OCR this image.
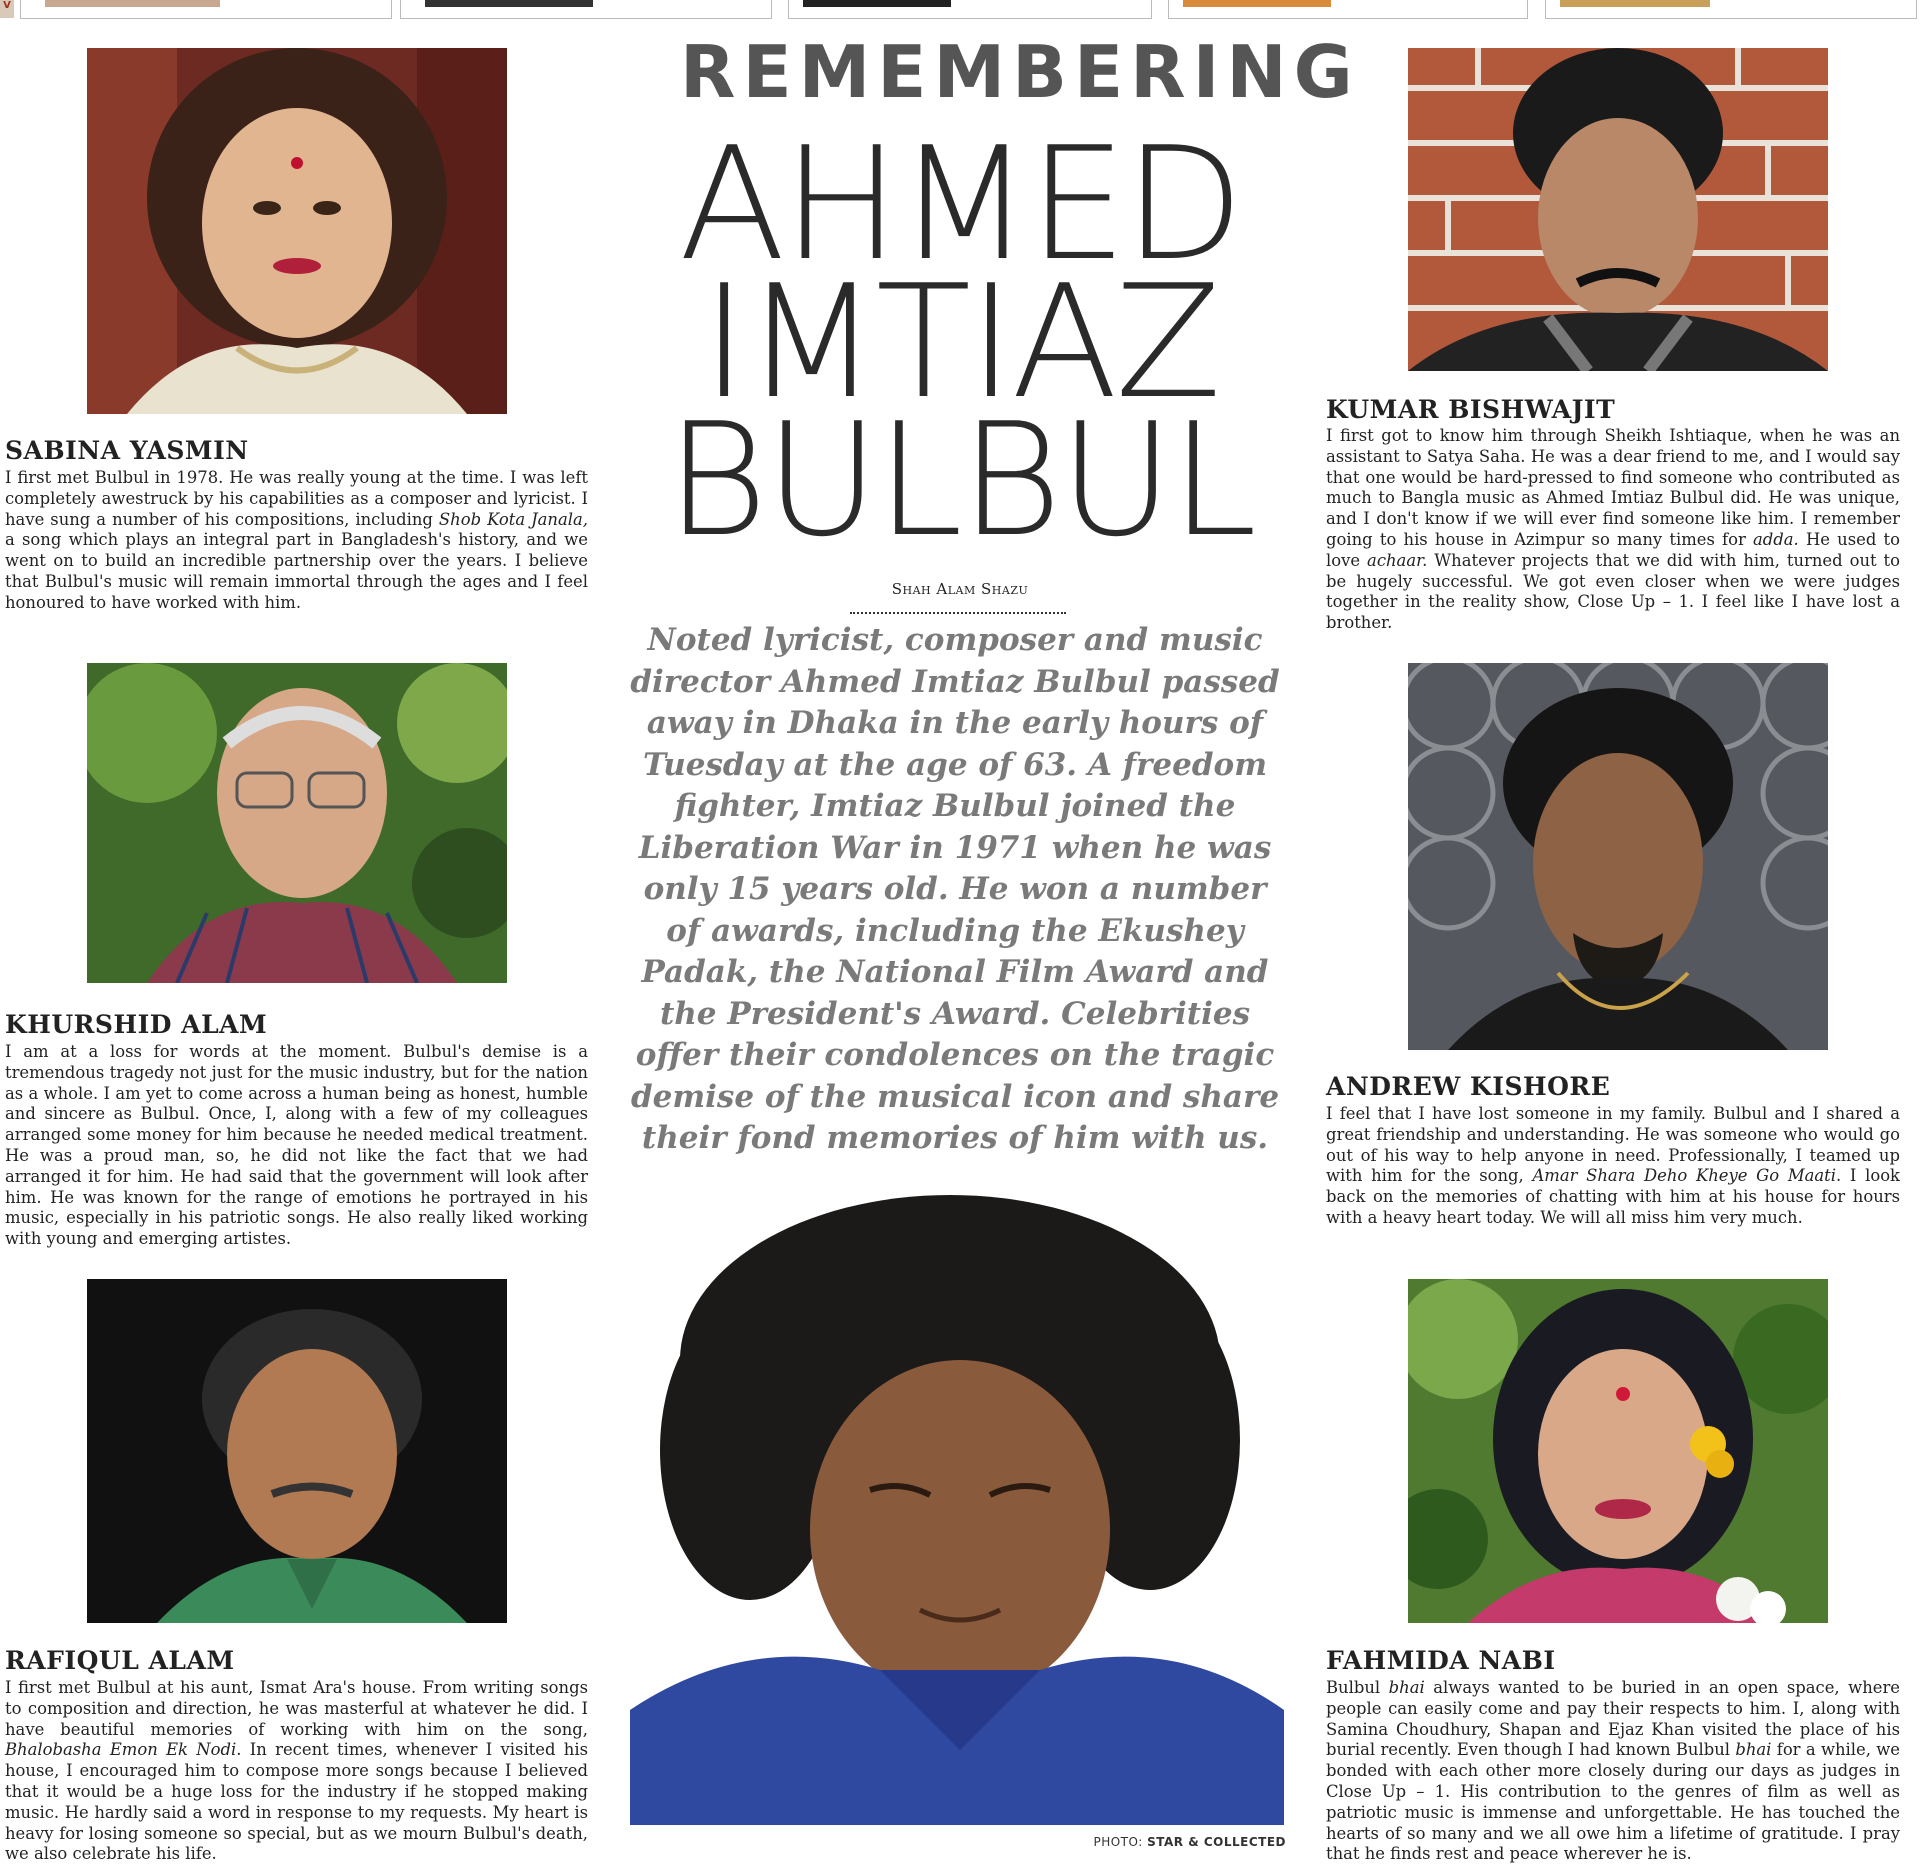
V
SABINA YASMIN

I first met Bulbul in 1978. He was really young at the time. I was left completely awestruck by his capabilities as a composer and lyricist. I have sung a number of his compositions, including Shob Kota Janala, a song which plays an integral part in Bangladesh's history, and we went on to build an incredible partnership over the years. I believe that Bulbul's music will remain immortal through the ages and I feel honoured to have worked with him.

KHURSHID ALAM

I am at a loss for words at the moment. Bulbul's demise is a tremendous tragedy not just for the music industry, but for the nation as a whole. I am yet to come across a human being as honest, humble and sincere as Bulbul. Once, I, along with a few of my colleagues arranged some money for him because he needed medical treatment. He was a proud man, so, he did not like the fact that we had arranged it for him. He had said that the government will look after him. He was known for the range of emotions he portrayed in his music, especially in his patriotic songs. He also really liked working with young and emerging artistes.

RAFIQUL ALAM

I first met Bulbul at his aunt, Ismat Ara's house. From writing songs to composition and direction, he was masterful at whatever he did. I have beautiful memories of working with him on the song, Bhalobasha Emon Ek Nodi. In recent times, whenever I visited his house, I encouraged him to compose more songs because I believed that it would be a huge loss for the industry if he stopped making music. He hardly said a word in response to my requests. My heart is heavy for losing someone so special, but as we mourn Bulbul's death, we also celebrate his life.

REMEMBERING
AHMED
IMTIAZ
BULBUL
Shah Alam Shazu

Noted lyricist, composer and music director Ahmed Imtiaz Bulbul passed away in Dhaka in the early hours of Tuesday at the age of 63. A freedom fighter, Imtiaz Bulbul joined the Liberation War in 1971 when he was only 15 years old. He won a number of awards, including the Ekushey Padak, the National Film Award and the President's Award. Celebrities offer their condolences on the tragic demise of the musical icon and share their fond memories of him with us.

PHOTO: STAR & COLLECTED
KUMAR BISHWAJIT

I first got to know him through Sheikh Ishtiaque, when he was an assistant to Satya Saha. He was a dear friend to me, and I would say that one would be hard-pressed to find someone who contributed as much to Bangla music as Ahmed Imtiaz Bulbul did. He was unique, and I don't know if we will ever find someone like him. I remember going to his house in Azimpur so many times for adda. He used to love achaar. Whatever projects that we did with him, turned out to be hugely successful. We got even closer when we were judges together in the reality show, Close Up – 1. I feel like I have lost a brother.

ANDREW KISHORE

I feel that I have lost someone in my family. Bulbul and I shared a great friendship and understanding. He was someone who would go out of his way to help anyone in need. Professionally, I teamed up with him for the song, Amar Shara Deho Kheye Go Maati. I look back on the memories of chatting with him at his house for hours with a heavy heart today. We will all miss him very much.

FAHMIDA NABI

Bulbul bhai always wanted to be buried in an open space, where people can easily come and pay their respects to him. I, along with Samina Choudhury, Shapan and Ejaz Khan visited the place of his burial recently. Even though I had known Bulbul bhai for a while, we bonded with each other more closely during our days as judges in Close Up – 1. His contribution to the genres of film as well as patriotic music is immense and unforgettable. He has touched the hearts of so many and we all owe him a lifetime of gratitude. I pray that he finds rest and peace wherever he is.
